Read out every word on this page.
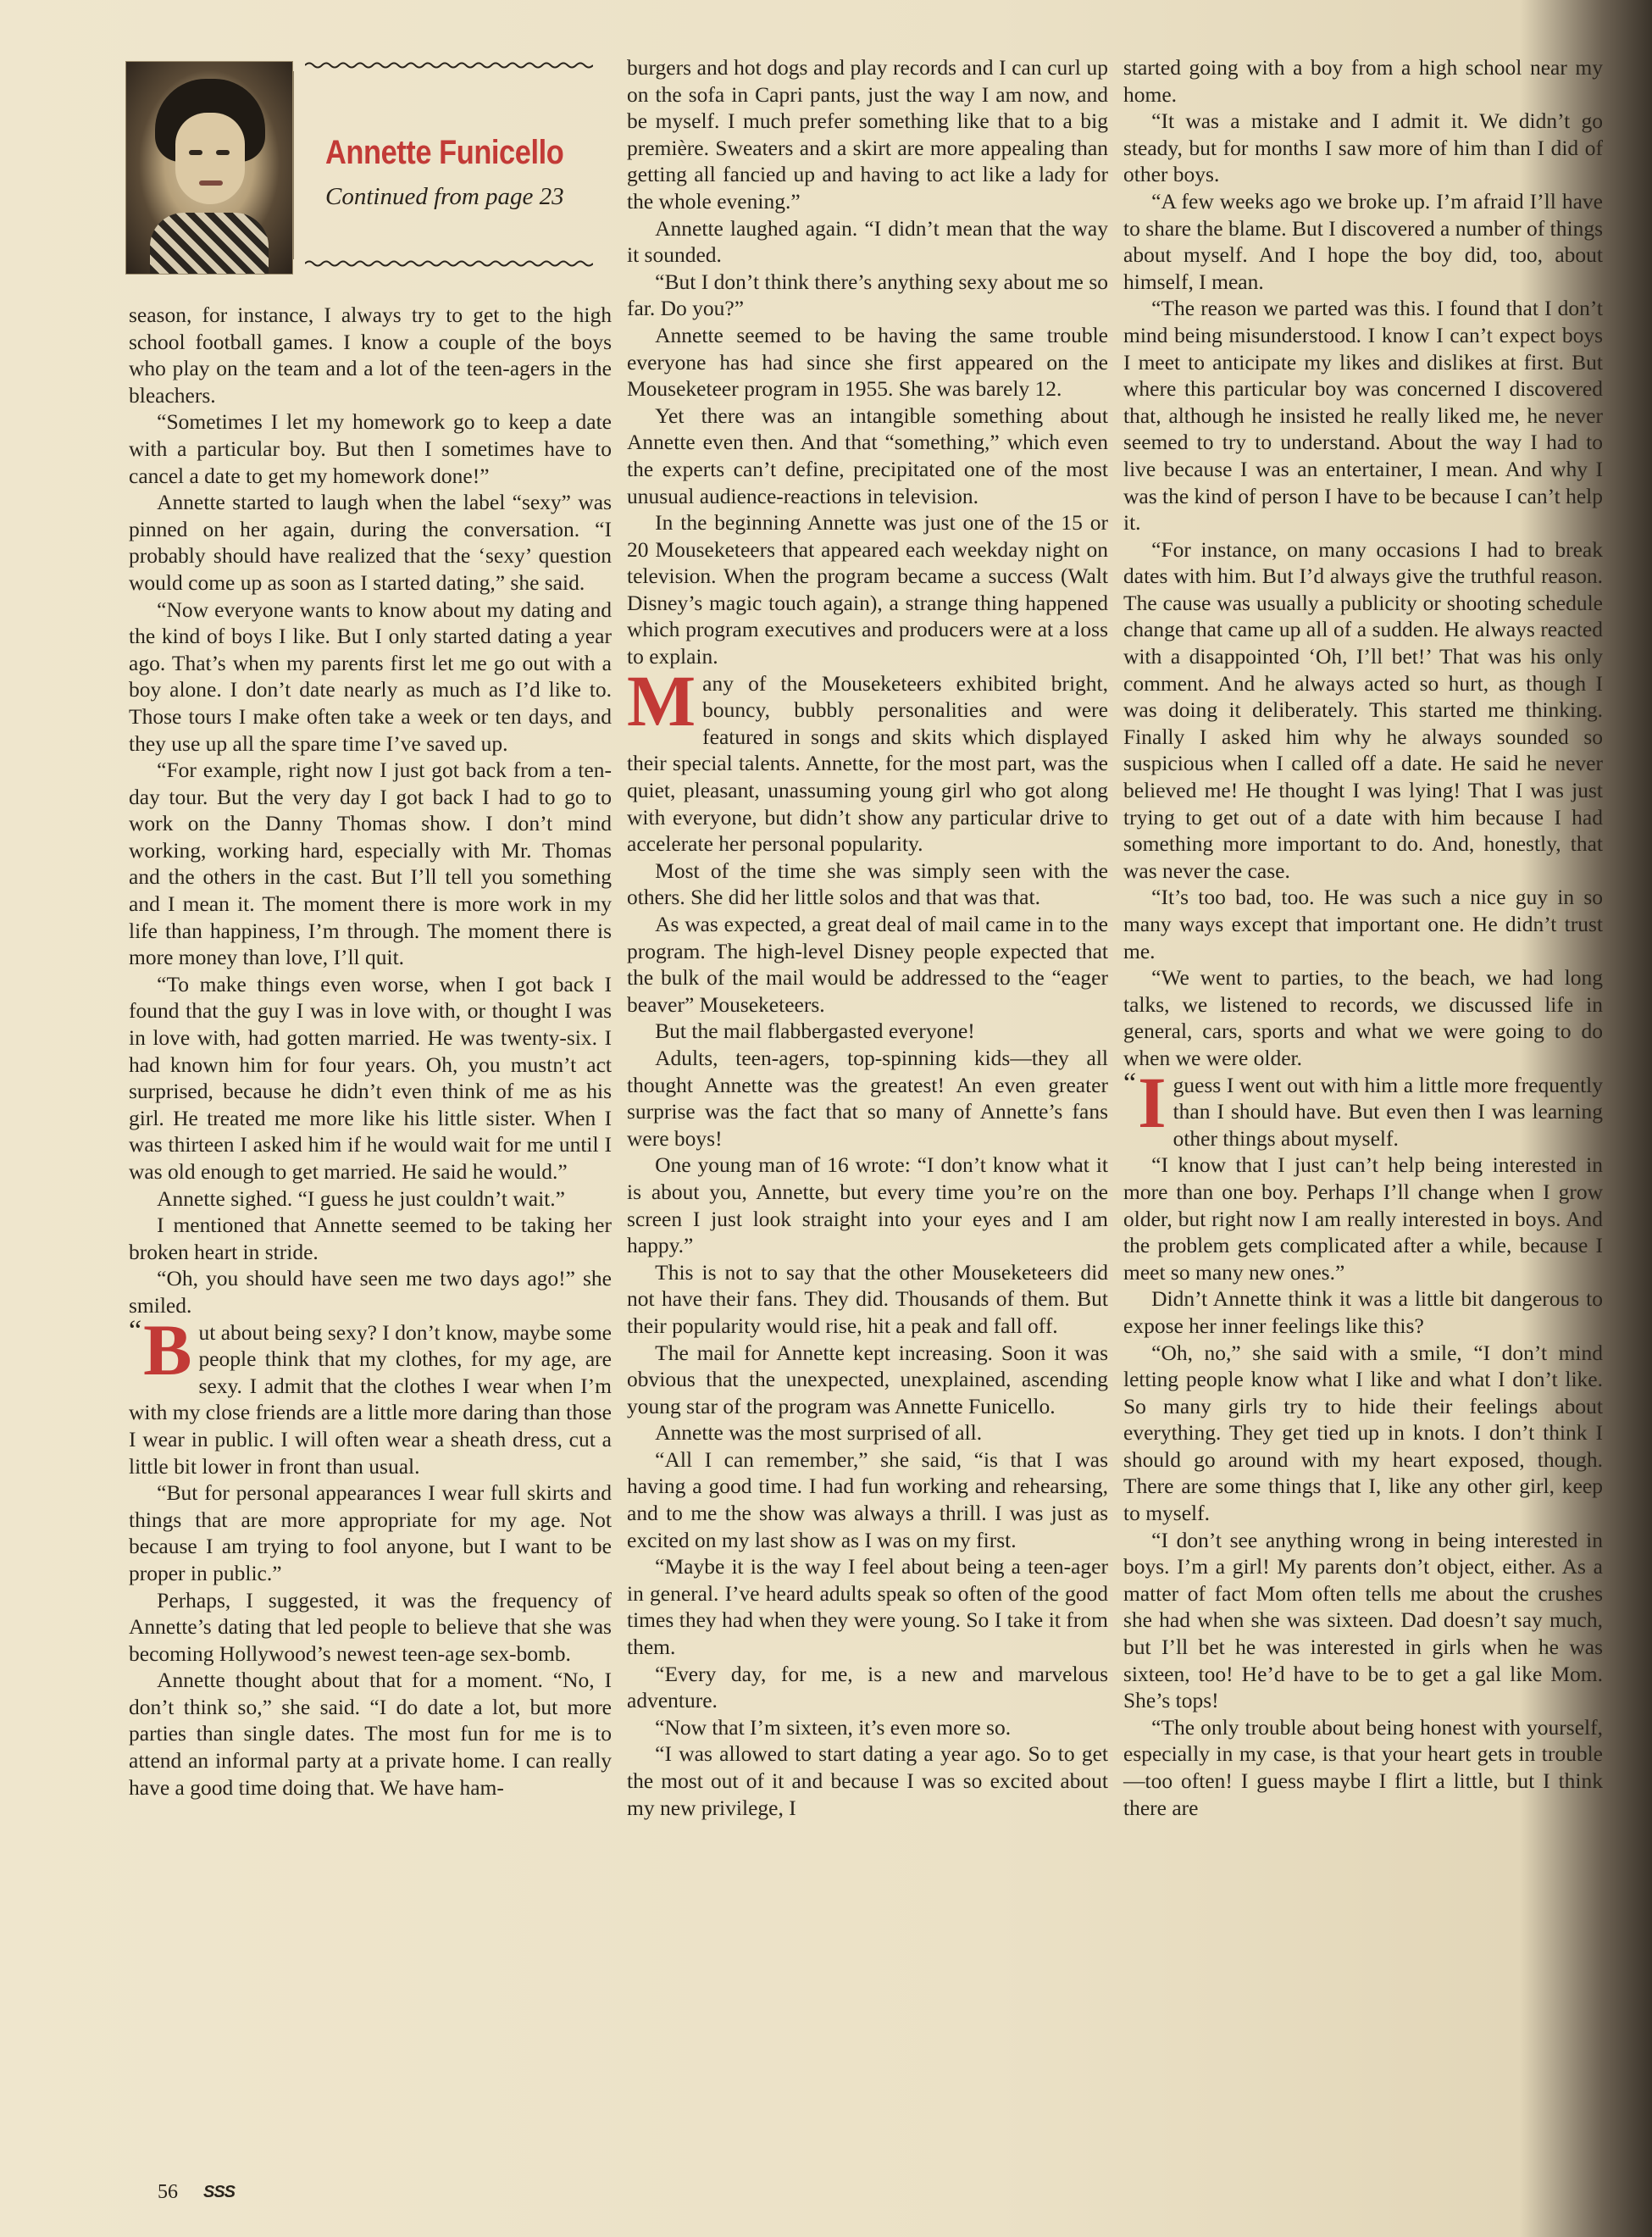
Annette Funicello
Continued from page 23

season, for instance, I always try to get to the high school football games. I know a couple of the boys who play on the team and a lot of the teen-agers in the bleachers.

“Sometimes I let my homework go to keep a date with a particular boy. But then I sometimes have to cancel a date to get my homework done!”

Annette started to laugh when the label “sexy” was pinned on her again, during the conversation. “I probably should have realized that the ‘sexy’ question would come up as soon as I started dating,” she said.

“Now everyone wants to know about my dating and the kind of boys I like. But I only started dating a year ago. That’s when my parents first let me go out with a boy alone. I don’t date nearly as much as I’d like to. Those tours I make often take a week or ten days, and they use up all the spare time I’ve saved up.

“For example, right now I just got back from a ten-day tour. But the very day I got back I had to go to work on the Danny Thomas show. I don’t mind working, working hard, especially with Mr. Thomas and the others in the cast. But I’ll tell you something and I mean it. The moment there is more work in my life than happiness, I’m through. The moment there is more money than love, I’ll quit.

“To make things even worse, when I got back I found that the guy I was in love with, or thought I was in love with, had gotten married. He was twenty-six. I had known him for four years. Oh, you mustn’t act surprised, because he didn’t even think of me as his girl. He treated me more like his little sister. When I was thirteen I asked him if he would wait for me until I was old enough to get married. He said he would.”

Annette sighed. “I guess he just couldn’t wait.”

I mentioned that Annette seemed to be taking her broken heart in stride.

“Oh, you should have seen me two days ago!” she smiled.

“ B ut about being sexy? I don’t know, maybe some people think that my clothes, for my age, are sexy. I admit that the clothes I wear when I’m with my close friends are a little more daring than those I wear in public. I will often wear a sheath dress, cut a little bit lower in front than usual.

“But for personal appearances I wear full skirts and things that are more appropriate for my age. Not because I am trying to fool anyone, but I want to be proper in public.”

Perhaps, I suggested, it was the frequency of Annette’s dating that led people to believe that she was becoming Hollywood’s newest teen-age sex-bomb.

Annette thought about that for a moment. “No, I don’t think so,” she said. “I do date a lot, but more parties than single dates. The most fun for me is to attend an informal party at a private home. I can really have a good time doing that. We have ham-

burgers and hot dogs and play records and I can curl up on the sofa in Capri pants, just the way I am now, and be myself. I much prefer something like that to a big première. Sweaters and a skirt are more appealing than getting all fancied up and having to act like a lady for the whole evening.”

Annette laughed again. “I didn’t mean that the way it sounded.

“But I don’t think there’s anything sexy about me so far. Do you?”

Annette seemed to be having the same trouble everyone has had since she first appeared on the Mouseketeer program in 1955. She was barely 12.

Yet there was an intangible something about Annette even then. And that “something,” which even the experts can’t define, precipitated one of the most unusual audience-reactions in television.

In the beginning Annette was just one of the 15 or 20 Mouseketeers that appeared each weekday night on television. When the program became a success (Walt Disney’s magic touch again), a strange thing happened which program executives and producers were at a loss to explain.

Many of the Mouseketeers exhibited bright, bouncy, bubbly personalities and were featured in songs and skits which displayed their special talents. Annette, for the most part, was the quiet, pleasant, unassuming young girl who got along with everyone, but didn’t show any particular drive to accelerate her personal popularity.

Most of the time she was simply seen with the others. She did her little solos and that was that.

As was expected, a great deal of mail came in to the program. The high-level Disney people expected that the bulk of the mail would be addressed to the “eager beaver” Mouseketeers.

But the mail flabbergasted everyone!

Adults, teen-agers, top-spinning kids—they all thought Annette was the greatest! An even greater surprise was the fact that so many of Annette’s fans were boys!

One young man of 16 wrote: “I don’t know what it is about you, Annette, but every time you’re on the screen I just look straight into your eyes and I am happy.”

This is not to say that the other Mouseketeers did not have their fans. They did. Thousands of them. But their popularity would rise, hit a peak and fall off.

The mail for Annette kept increasing. Soon it was obvious that the unexpected, unexplained, ascending young star of the program was Annette Funicello.

Annette was the most surprised of all.

“All I can remember,” she said, “is that I was having a good time. I had fun working and rehearsing, and to me the show was always a thrill. I was just as excited on my last show as I was on my first.

“Maybe it is the way I feel about being a teen-ager in general. I’ve heard adults speak so often of the good times they had when they were young. So I take it from them.

“Every day, for me, is a new and marvelous adventure.

“Now that I’m sixteen, it’s even more so.

“I was allowed to start dating a year ago. So to get the most out of it and because I was so excited about my new privilege, I

started going with a boy from a high school near my home.

“It was a mistake and I admit it. We didn’t go steady, but for months I saw more of him than I did of other boys.

“A few weeks ago we broke up. I’m afraid I’ll have to share the blame. But I discovered a number of things about myself. And I hope the boy did, too, about himself, I mean.

“The reason we parted was this. I found that I don’t mind being misunderstood. I know I can’t expect boys I meet to anticipate my likes and dislikes at first. But where this particular boy was concerned I discovered that, although he insisted he really liked me, he never seemed to try to understand. About the way I had to live because I was an entertainer, I mean. And why I was the kind of person I have to be because I can’t help it.

“For instance, on many occasions I had to break dates with him. But I’d always give the truthful reason. The cause was usually a publicity or shooting schedule change that came up all of a sudden. He always reacted with a disappointed ‘Oh, I’ll bet!’ That was his only comment. And he always acted so hurt, as though I was doing it deliberately. This started me thinking. Finally I asked him why he always sounded so suspicious when I called off a date. He said he never believed me! He thought I was lying! That I was just trying to get out of a date with him because I had something more important to do. And, honestly, that was never the case.

“It’s too bad, too. He was such a nice guy in so many ways except that important one. He didn’t trust me.

“We went to parties, to the beach, we had long talks, we listened to records, we discussed life in general, cars, sports and what we were going to do when we were older.

“ I guess I went out with him a little more frequently than I should have. But even then I was learning other things about myself.

“I know that I just can’t help being interested in more than one boy. Perhaps I’ll change when I grow older, but right now I am really interested in boys. And the problem gets complicated after a while, because I meet so many new ones.”

Didn’t Annette think it was a little bit dangerous to expose her inner feelings like this?

“Oh, no,” she said with a smile, “I don’t mind letting people know what I like and what I don’t like. So many girls try to hide their feelings about everything. They get tied up in knots. I don’t think I should go around with my heart exposed, though. There are some things that I, like any other girl, keep to myself.

“I don’t see anything wrong in being interested in boys. I’m a girl! My parents don’t object, either. As a matter of fact Mom often tells me about the crushes she had when she was sixteen. Dad doesn’t say much, but I’ll bet he was interested in girls when he was sixteen, too! He’d have to be to get a gal like Mom. She’s tops!

“The only trouble about being honest with yourself, especially in my case, is that your heart gets in trouble—too often! I guess maybe I flirt a little, but I think there are

56 SSS
